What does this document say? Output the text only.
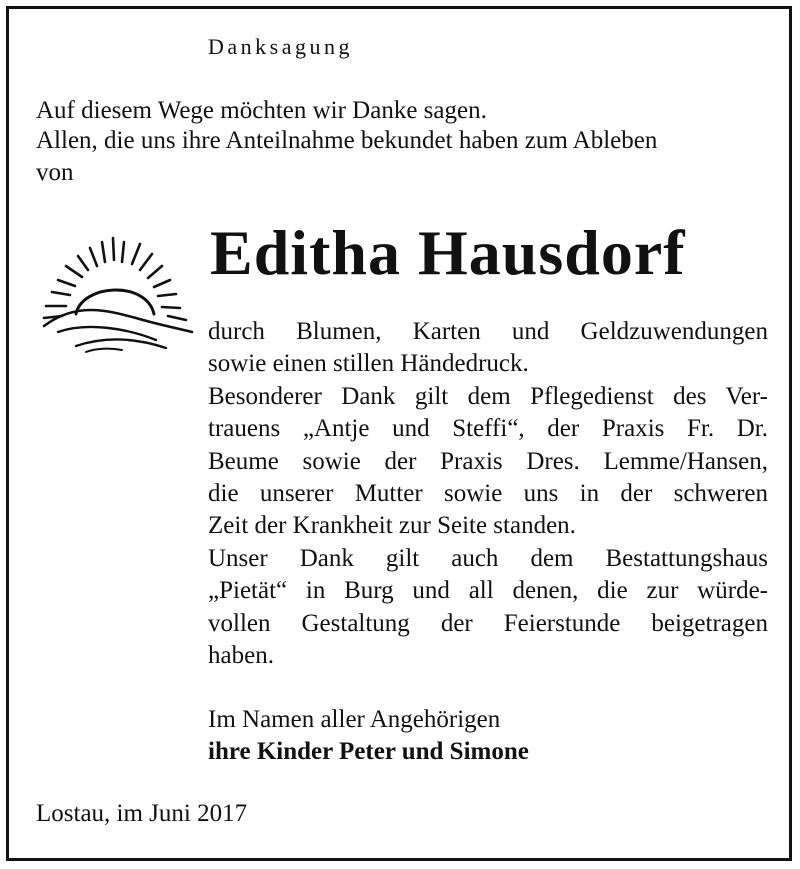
Danksagung
Auf diesem Wege möchten wir Danke sagen.
Allen, die uns ihre Anteilnahme bekundet haben zum Ableben
von
Editha Hausdorf
durch Blumen, Karten und Geldzuwendungen
sowie einen stillen Händedruck.
Besonderer Dank gilt dem Pflegedienst des Ver-
trauens „Antje und Steffi“, der Praxis Fr. Dr.
Beume sowie der Praxis Dres. Lemme/Hansen,
die unserer Mutter sowie uns in der schweren
Zeit der Krankheit zur Seite standen.
Unser Dank gilt auch dem Bestattungshaus
„Pietät“ in Burg und all denen, die zur würde-
vollen Gestaltung der Feierstunde beigetragen
haben.
Im Namen aller Angehörigen
ihre Kinder Peter und Simone
Lostau, im Juni 2017
